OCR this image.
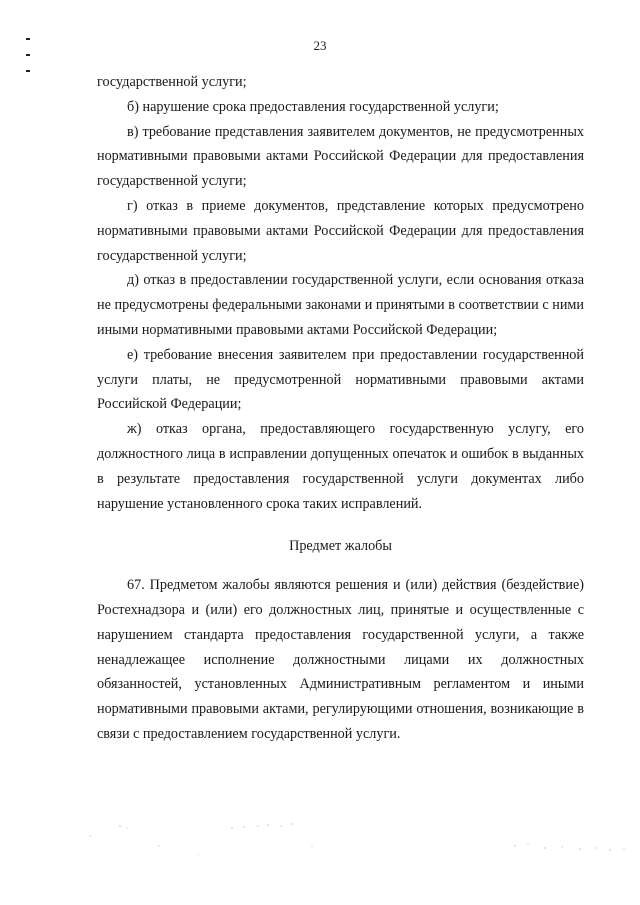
23

государственной услуги;

б) нарушение срока предоставления государственной услуги;

в) требование представления заявителем документов, не предусмотренных нормативными правовыми актами Российской Федерации для предоставления государственной услуги;

г) отказ в приеме документов, представление которых предусмотрено нормативными правовыми актами Российской Федерации для предоставления государственной услуги;

д) отказ в предоставлении государственной услуги, если основания отказа не предусмотрены федеральными законами и принятыми в соответствии с ними иными нормативными правовыми актами Российской Федерации;

е) требование внесения заявителем при предоставлении государственной услуги платы, не предусмотренной нормативными правовыми актами Российской Федерации;

ж) отказ органа, предоставляющего государственную услугу, его должностного лица в исправлении допущенных опечаток и ошибок в выданных в результате предоставления государственной услуги документах либо нарушение установленного срока таких исправлений.

Предмет жалобы

67. Предметом жалобы являются решения и (или) действия (бездействие) Ростехнадзора и (или) его должностных лиц, принятые и осуществленные с нарушением стандарта предоставления государственной услуги, а также ненадлежащее исполнение должностными лицами их должностных обязанностей, установленных Административным регламентом и иными нормативными правовыми актами, регулирующими отношения, возникающие в связи с предоставлением государственной услуги.
